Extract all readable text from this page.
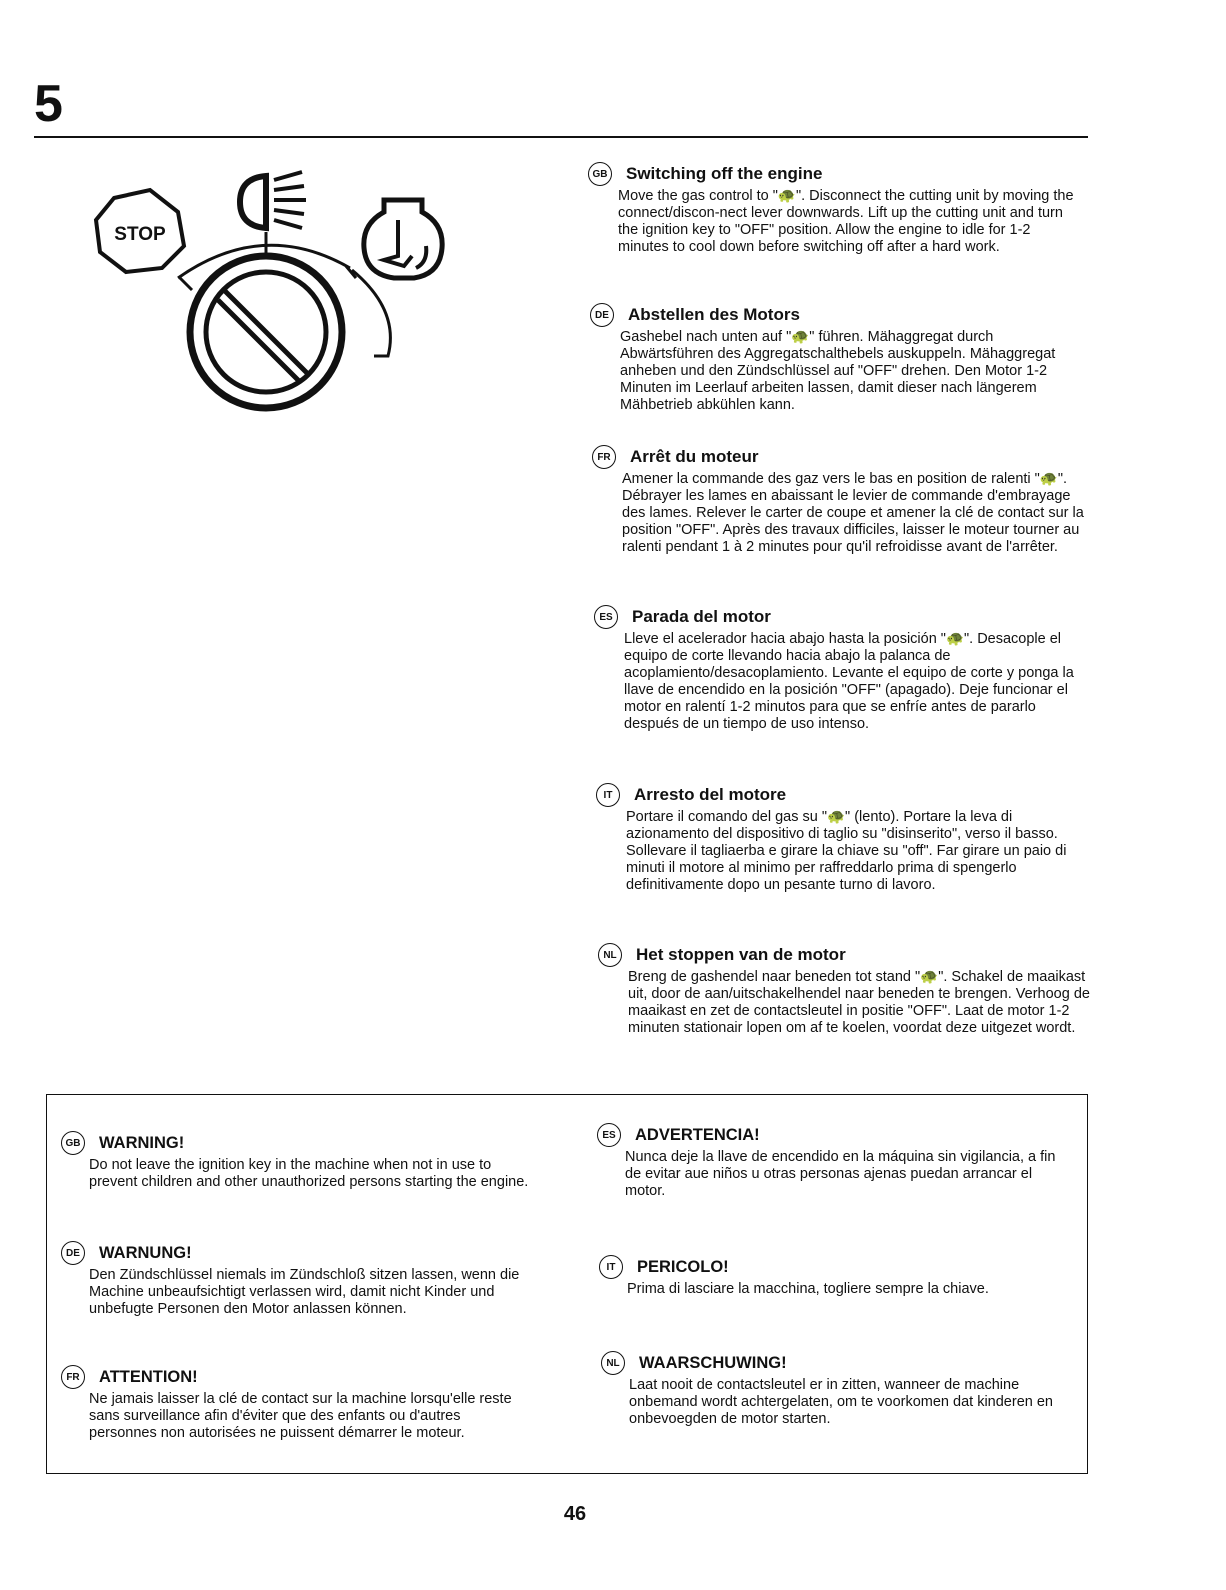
5
STOP
GB Switching off the engine
Move the gas control to "🐢". Disconnect the cutting unit by moving the connect/discon-nect lever downwards. Lift up the cutting unit and turn the ignition key to "OFF" position. Allow the engine to idle for 1-2 minutes to cool down before switching off after a hard work.
DE Abstellen des Motors
Gashebel nach unten auf "🐢" führen. Mähaggregat durch Abwärtsführen des Aggregatschalthebels auskuppeln. Mähaggregat anheben und den Zündschlüssel auf "OFF" drehen. Den Motor 1-2 Minuten im Leerlauf arbeiten lassen, damit dieser nach längerem Mähbetrieb abkühlen kann.
FR	Arrêt du moteur
Amener la commande des gaz vers le bas en position de ralenti "🐢". Débrayer les lames en abaissant le levier de commande d'embrayage des lames. Relever le carter de coupe et amener la clé de contact sur la position "OFF". Après des travaux difficiles, laisser le moteur tourner au ralenti pendant 1 à 2 minutes pour qu'il refroidisse avant de l'arrêter.
ES	Parada del motor
Lleve el acelerador hacia abajo hasta la posición "🐢". Desacople el equipo de corte llevando hacia abajo la palanca de acoplamiento/desacoplamiento. Levante el equipo de corte y ponga la llave de encendido en la posición "OFF" (apagado). Deje funcionar el motor en ralentí 1-2 minutos para que se enfríe antes de pararlo después de un tiempo de uso intenso.
IT	Arresto del motore
Portare il comando del gas su "🐢" (lento). Portare la leva di azionamento del dispositivo di taglio su "disinserito", verso il basso. Sollevare il tagliaerba e girare la chiave su "off". Far girare un paio di minuti il motore al minimo per raffreddarlo prima di spengerlo definitivamente dopo un pesante turno di lavoro.
NL	Het stoppen van de motor
Breng de gashendel naar beneden tot stand "🐢". Schakel de maaikast uit, door de aan/uitschakelhendel naar beneden te brengen. Verhoog de maaikast en zet de contactsleutel in positie "OFF". Laat de motor 1-2 minuten stationair lopen om af te koelen, voordat deze uitgezet wordt.
GB WARNING!
Do not leave the ignition key in the machine when not in use to prevent children and other unauthorized persons starting the engine.
DE	WARNUNG!
Den Zündschlüssel niemals im Zündschloß sitzen lassen, wenn die Machine unbeaufsichtigt verlassen wird, damit nicht Kinder und unbefugte Personen den Motor anlassen können.
FR	ATTENTION!
Ne jamais laisser la clé de contact sur la machine lorsqu'elle reste sans surveillance afin d'éviter que des enfants ou d'autres personnes non autorisées ne puissent démarrer le moteur.
ES	ADVERTENCIA!
Nunca deje la llave de encendido en la máquina sin vigilancia, a fin de evitar aue niños u otras personas ajenas puedan arrancar el motor.
IT	PERICOLO!
Prima di lasciare la macchina, togliere sempre la chiave.
NL	WAARSCHUWING!
Laat nooit de contactsleutel er in zitten, wanneer de machine onbemand wordt achtergelaten, om te voorkomen dat kinderen en onbevoegden de motor starten.
46
